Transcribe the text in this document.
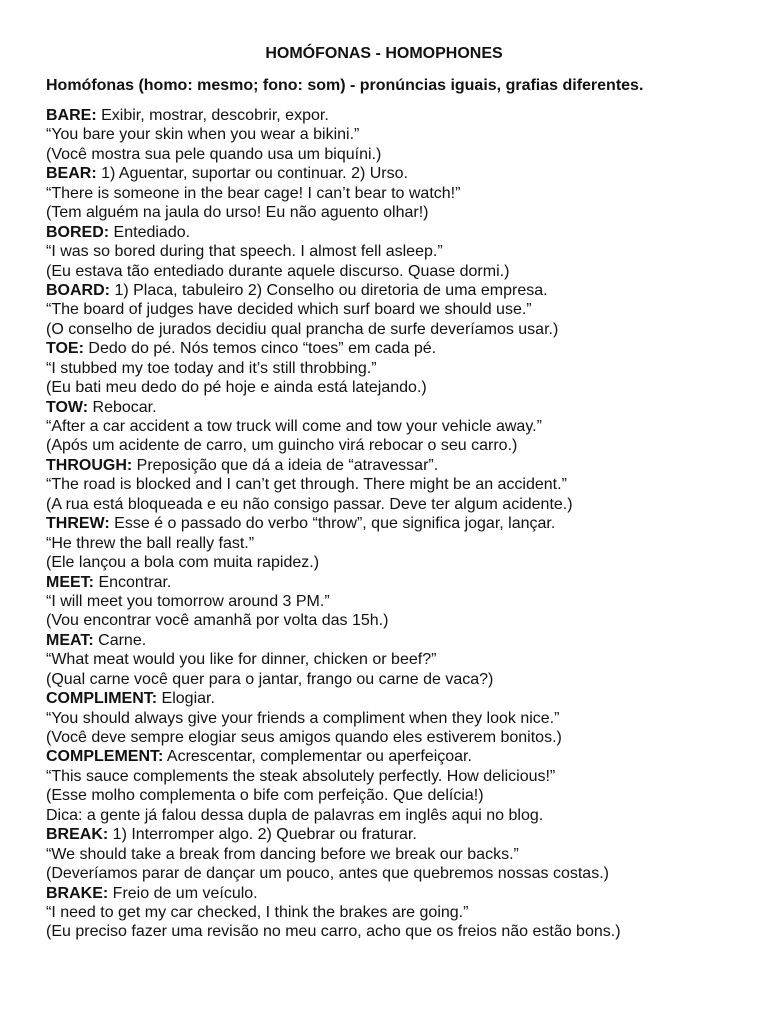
HOMÓFONAS - HOMOPHONES
Homófonas (homo: mesmo; fono: som) - pronúncias iguais, grafias diferentes.
BARE: Exibir, mostrar, descobrir, expor.
“You bare your skin when you wear a bikini.”
(Você mostra sua pele quando usa um biquíni.)
BEAR: 1) Aguentar, suportar ou continuar. 2) Urso.
“There is someone in the bear cage! I can’t bear to watch!”
(Tem alguém na jaula do urso! Eu não aguento olhar!)
BORED: Entediado.
“I was so bored during that speech. I almost fell asleep.”
(Eu estava tão entediado durante aquele discurso. Quase dormi.)
BOARD: 1) Placa, tabuleiro 2) Conselho ou diretoria de uma empresa.
“The board of judges have decided which surf board we should use.”
(O conselho de jurados decidiu qual prancha de surfe deveríamos usar.)
TOE: Dedo do pé. Nós temos cinco “toes” em cada pé.
“I stubbed my toe today and it’s still throbbing.”
(Eu bati meu dedo do pé hoje e ainda está latejando.)
TOW: Rebocar.
“After a car accident a tow truck will come and tow your vehicle away.”
(Após um acidente de carro, um guincho virá rebocar o seu carro.)
THROUGH: Preposição que dá a ideia de “atravessar”.
“The road is blocked and I can’t get through. There might be an accident.”
(A rua está bloqueada e eu não consigo passar. Deve ter algum acidente.)
THREW: Esse é o passado do verbo “throw”, que significa jogar, lançar.
“He threw the ball really fast.”
(Ele lançou a bola com muita rapidez.)
MEET: Encontrar.
“I will meet you tomorrow around 3 PM.”
(Vou encontrar você amanhã por volta das 15h.)
MEAT: Carne.
“What meat would you like for dinner, chicken or beef?”
(Qual carne você quer para o jantar, frango ou carne de vaca?)
COMPLIMENT: Elogiar.
“You should always give your friends a compliment when they look nice.”
(Você deve sempre elogiar seus amigos quando eles estiverem bonitos.)
COMPLEMENT: Acrescentar, complementar ou aperfeiçoar.
“This sauce complements the steak absolutely perfectly. How delicious!”
(Esse molho complementa o bife com perfeição. Que delícia!)
Dica: a gente já falou dessa dupla de palavras em inglês aqui no blog.
BREAK: 1) Interromper algo. 2) Quebrar ou fraturar.
“We should take a break from dancing before we break our backs.”
(Deveríamos parar de dançar um pouco, antes que quebremos nossas costas.)
BRAKE: Freio de um veículo.
“I need to get my car checked, I think the brakes are going.”
(Eu preciso fazer uma revisão no meu carro, acho que os freios não estão bons.)
